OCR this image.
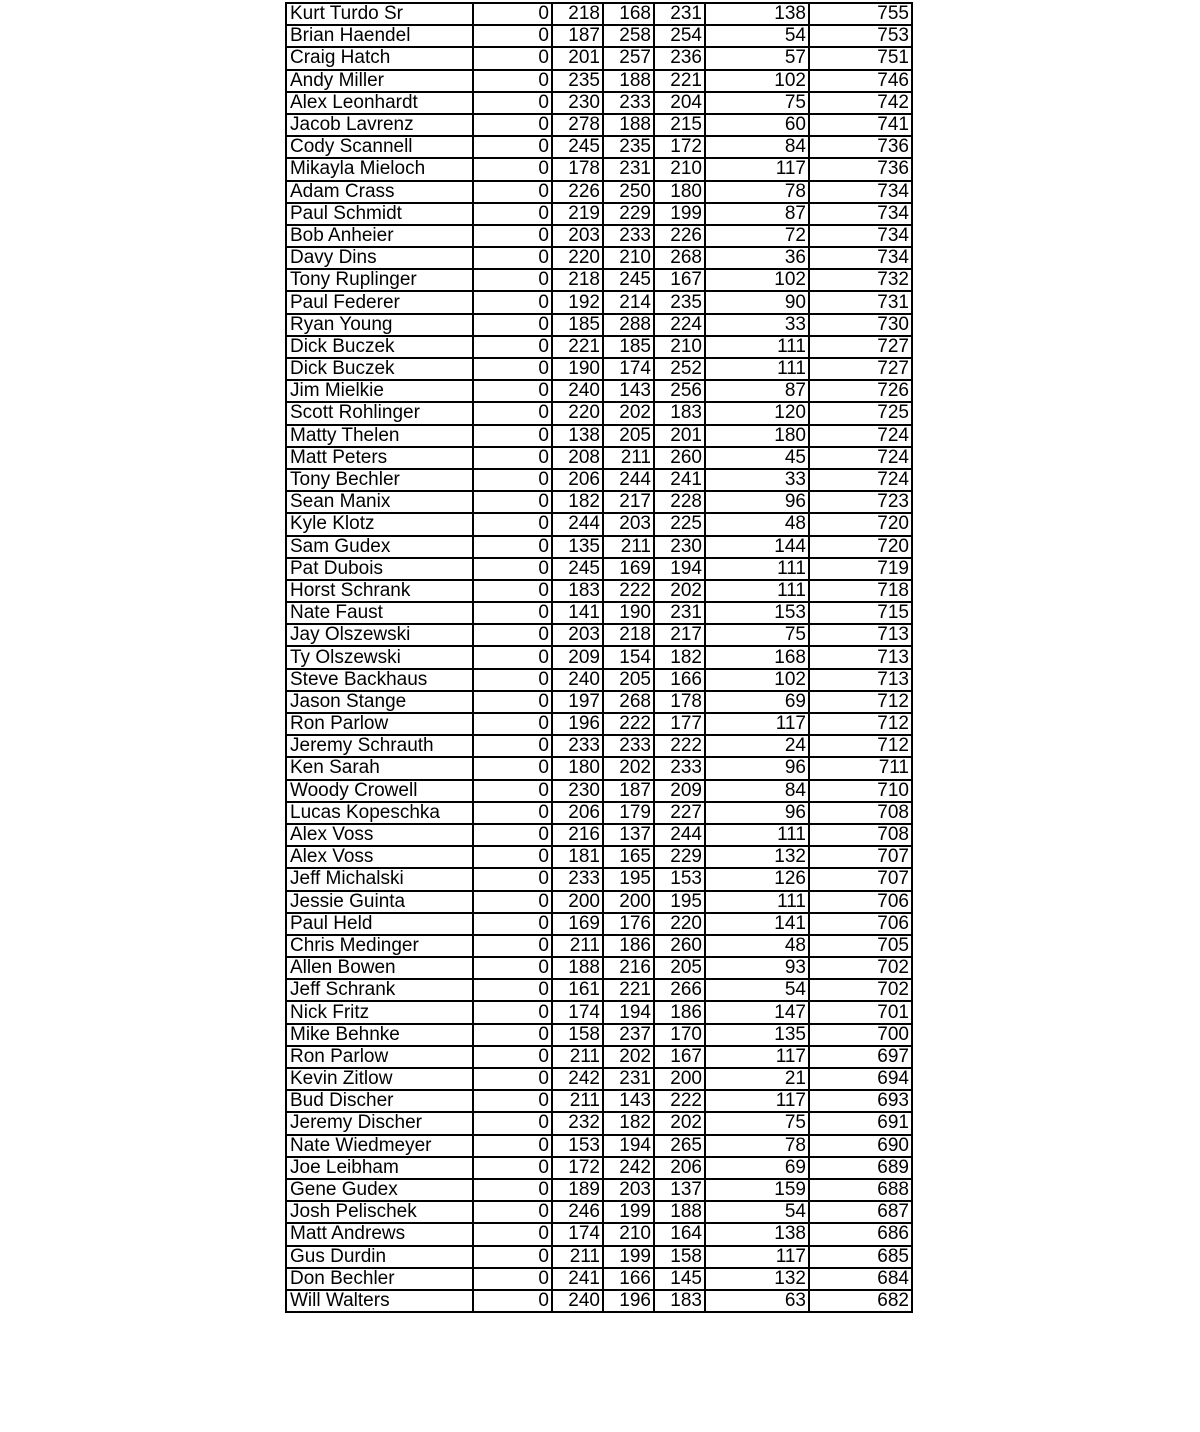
Kurt Turdo Sr	0	218	168	231	138	755
Brian Haendel	0	187	258	254	54	753
Craig Hatch	0	201	257	236	57	751
Andy Miller	0	235	188	221	102	746
Alex Leonhardt	0	230	233	204	75	742
Jacob Lavrenz	0	278	188	215	60	741
Cody Scannell	0	245	235	172	84	736
Mikayla Mieloch	0	178	231	210	117	736
Adam Crass	0	226	250	180	78	734
Paul Schmidt	0	219	229	199	87	734
Bob Anheier	0	203	233	226	72	734
Davy Dins	0	220	210	268	36	734
Tony Ruplinger	0	218	245	167	102	732
Paul Federer	0	192	214	235	90	731
Ryan Young	0	185	288	224	33	730
Dick Buczek	0	221	185	210	111	727
Dick Buczek	0	190	174	252	111	727
Jim Mielkie	0	240	143	256	87	726
Scott Rohlinger	0	220	202	183	120	725
Matty Thelen	0	138	205	201	180	724
Matt Peters	0	208	211	260	45	724
Tony Bechler	0	206	244	241	33	724
Sean Manix	0	182	217	228	96	723
Kyle Klotz	0	244	203	225	48	720
Sam Gudex	0	135	211	230	144	720
Pat Dubois	0	245	169	194	111	719
Horst Schrank	0	183	222	202	111	718
Nate Faust	0	141	190	231	153	715
Jay Olszewski	0	203	218	217	75	713
Ty Olszewski	0	209	154	182	168	713
Steve Backhaus	0	240	205	166	102	713
Jason Stange	0	197	268	178	69	712
Ron Parlow	0	196	222	177	117	712
Jeremy Schrauth	0	233	233	222	24	712
Ken Sarah	0	180	202	233	96	711
Woody Crowell	0	230	187	209	84	710
Lucas Kopeschka	0	206	179	227	96	708
Alex Voss	0	216	137	244	111	708
Alex Voss	0	181	165	229	132	707
Jeff Michalski	0	233	195	153	126	707
Jessie Guinta	0	200	200	195	111	706
Paul Held	0	169	176	220	141	706
Chris Medinger	0	211	186	260	48	705
Allen Bowen	0	188	216	205	93	702
Jeff Schrank	0	161	221	266	54	702
Nick Fritz	0	174	194	186	147	701
Mike Behnke	0	158	237	170	135	700
Ron Parlow	0	211	202	167	117	697
Kevin Zitlow	0	242	231	200	21	694
Bud Discher	0	211	143	222	117	693
Jeremy Discher	0	232	182	202	75	691
Nate Wiedmeyer	0	153	194	265	78	690
Joe Leibham	0	172	242	206	69	689
Gene Gudex	0	189	203	137	159	688
Josh Pelischek	0	246	199	188	54	687
Matt Andrews	0	174	210	164	138	686
Gus Durdin	0	211	199	158	117	685
Don Bechler	0	241	166	145	132	684
Will Walters	0	240	196	183	63	682
